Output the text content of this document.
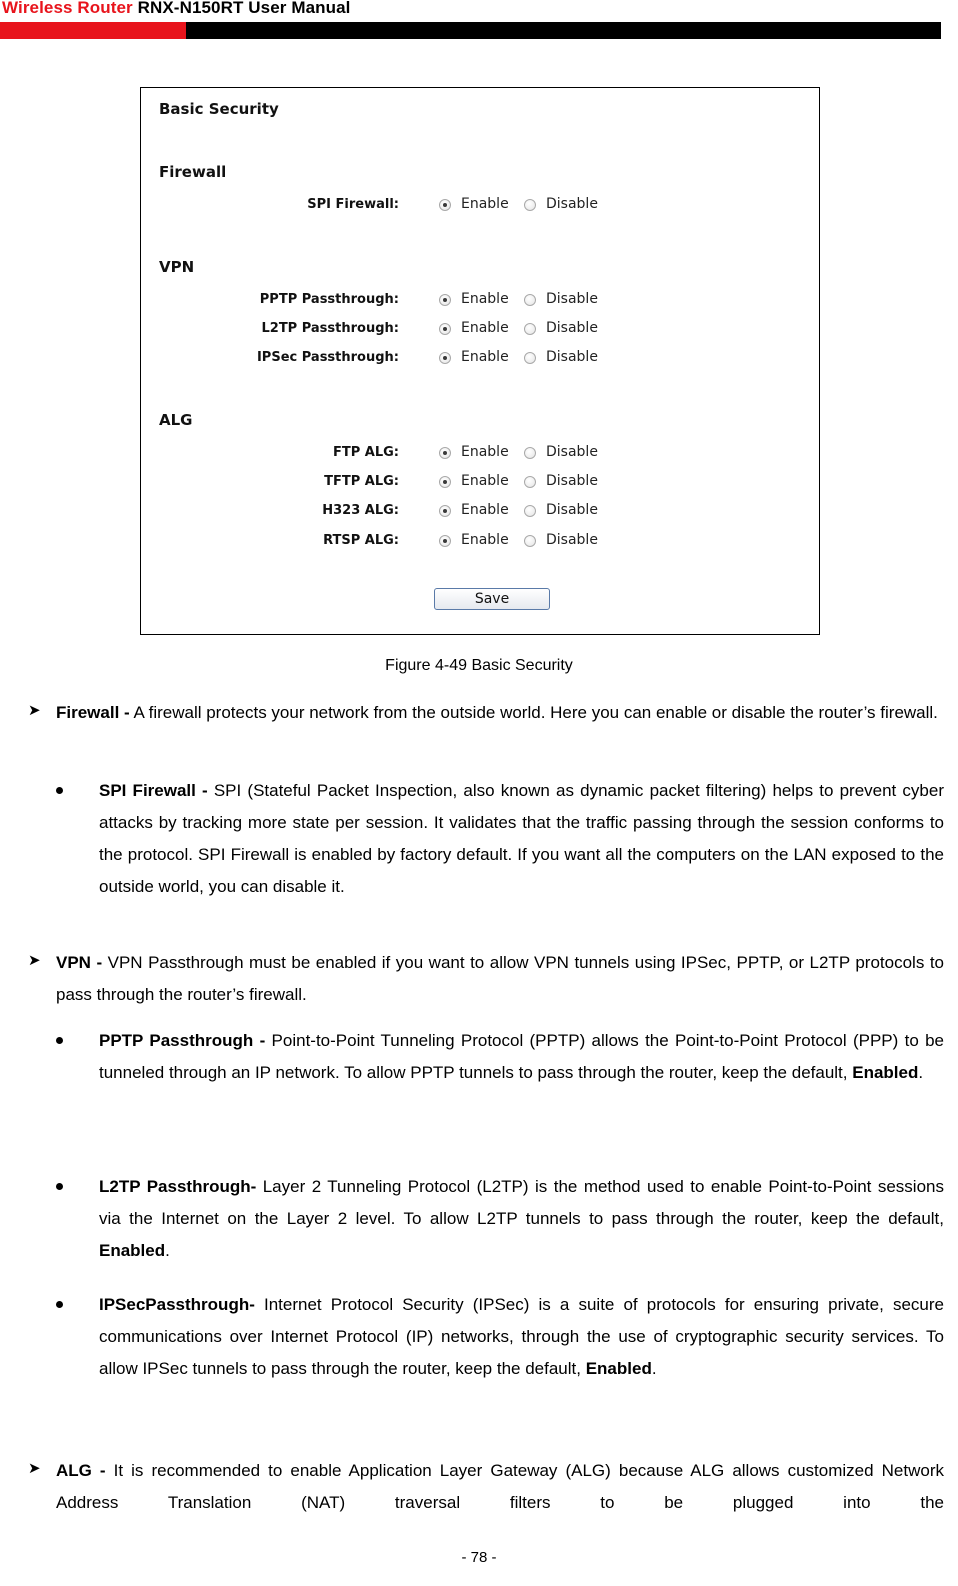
Wireless Router RNX-N150RT User Manual
Basic Security
Firewall
SPI Firewall:	Enable	Disable
VPN
PPTP Passthrough:	Enable	Disable
L2TP Passthrough:	Enable	Disable
IPSec Passthrough:	Enable	Disable
ALG
FTP ALG:	Enable	Disable
TFTP ALG:	Enable	Disable
H323 ALG:	Enable	Disable
RTSP ALG:	Enable	Disable
Save
Figure 4-49 Basic Security
➤ Firewall - A firewall protects your network from the outside world. Here you can enable or disable the router’s firewall.

SPI Firewall - SPI (Stateful Packet Inspection, also known as dynamic packet filtering) helps to prevent cyber attacks by tracking more state per session. It validates that the traffic passing through the session conforms to the protocol. SPI Firewall is enabled by factory default. If you want all the computers on the LAN exposed to the outside world, you can disable it.

➤ VPN - VPN Passthrough must be enabled if you want to allow VPN tunnels using IPSec, PPTP, or L2TP protocols to pass through the router’s firewall.

PPTP Passthrough - Point-to-Point Tunneling Protocol (PPTP) allows the Point-to-Point Protocol (PPP) to be tunneled through an IP network. To allow PPTP tunnels to pass through the router, keep the default, Enabled.

L2TP Passthrough- Layer 2 Tunneling Protocol (L2TP) is the method used to enable Point-to-Point sessions via the Internet on the Layer 2 level. To allow L2TP tunnels to pass through the router, keep the default, Enabled.

IPSecPassthrough- Internet Protocol Security (IPSec) is a suite of protocols for ensuring private, secure communications over Internet Protocol (IP) networks, through the use of cryptographic security services. To allow IPSec tunnels to pass through the router, keep the default, Enabled.

➤ ALG - It is recommended to enable Application Layer Gateway (ALG) because ALG allows customized Network Address Translation (NAT) traversal filters to be plugged into the

- 78 -
